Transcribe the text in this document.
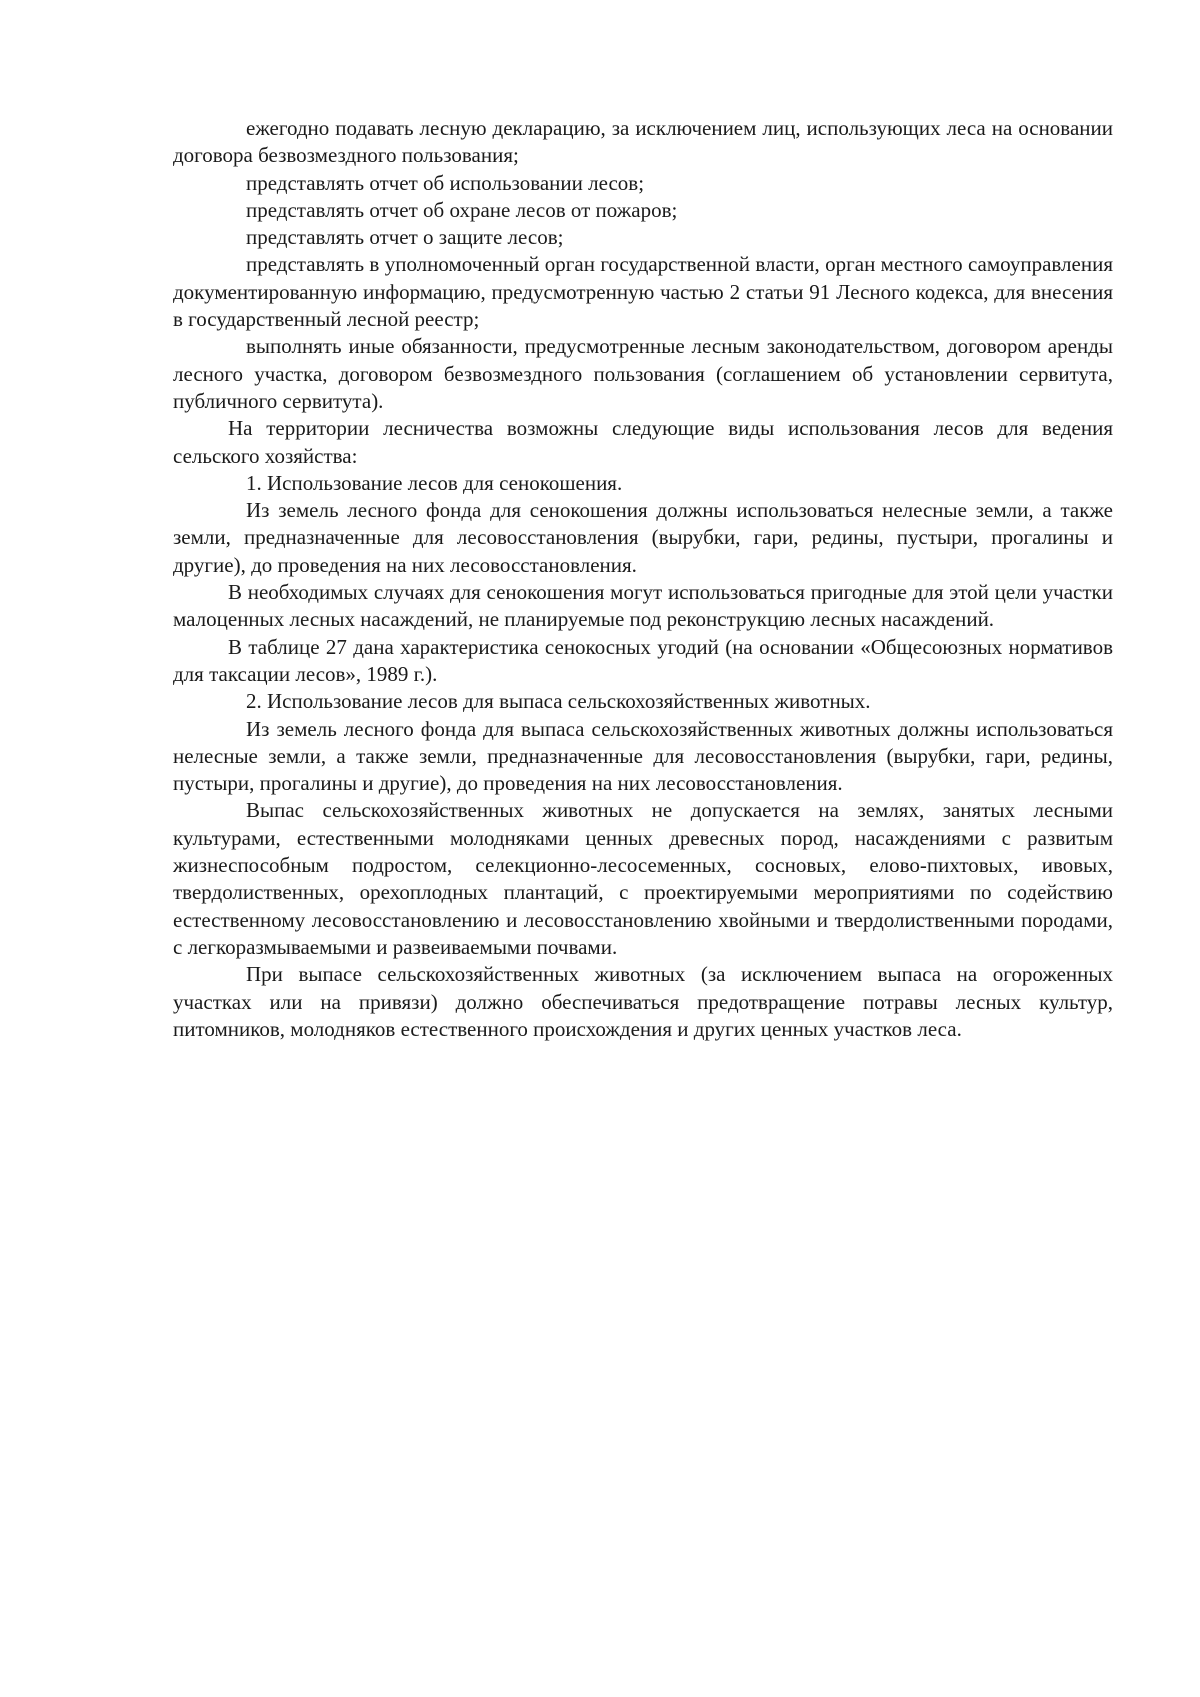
ежегодно подавать лесную декларацию, за исключением лиц, использующих леса на основании договора безвозмездного пользования;

представлять отчет об использовании лесов;

представлять отчет об охране лесов от пожаров;

представлять отчет о защите лесов;

представлять в уполномоченный орган государственной власти, орган местного самоуправления документированную информацию, предусмотренную частью 2 статьи 91 Лесного кодекса, для внесения в государственный лесной реестр;

выполнять иные обязанности, предусмотренные лесным законодательством, договором аренды лесного участка, договором безвозмездного пользования (соглашением об установлении сервитута, публичного сервитута).

На территории лесничества возможны следующие виды использования лесов для ведения сельского хозяйства:

1. Использование лесов для сенокошения.

Из земель лесного фонда для сенокошения должны использоваться нелесные земли, а также земли, предназначенные для лесовосстановления (вырубки, гари, редины, пустыри, прогалины и другие), до проведения на них лесовосстановления.

В необходимых случаях для сенокошения могут использоваться пригодные для этой цели участки малоценных лесных насаждений, не планируемые под реконструкцию лесных насаждений.

В таблице 27 дана характеристика сенокосных угодий (на основании «Общесоюзных нормативов для таксации лесов», 1989 г.).

2. Использование лесов для выпаса сельскохозяйственных животных.

Из земель лесного фонда для выпаса сельскохозяйственных животных должны использоваться нелесные земли, а также земли, предназначенные для лесовосстановления (вырубки, гари, редины, пустыри, прогалины и другие), до проведения на них лесовосстановления.

Выпас сельскохозяйственных животных не допускается на землях, занятых лесными культурами, естественными молодняками ценных древесных пород, насаждениями с развитым жизнеспособным подростом, селекционно-лесосеменных, сосновых, елово-пихтовых, ивовых, твердолиственных, орехоплодных плантаций, с проектируемыми мероприятиями по содействию естественному лесовосстановлению и лесовосстановлению хвойными и твердолиственными породами, с легкоразмываемыми и развеиваемыми почвами.

При выпасе сельскохозяйственных животных (за исключением выпаса на огороженных участках или на привязи) должно обеспечиваться предотвращение потравы лесных культур, питомников, молодняков естественного происхождения и других ценных участков леса.
